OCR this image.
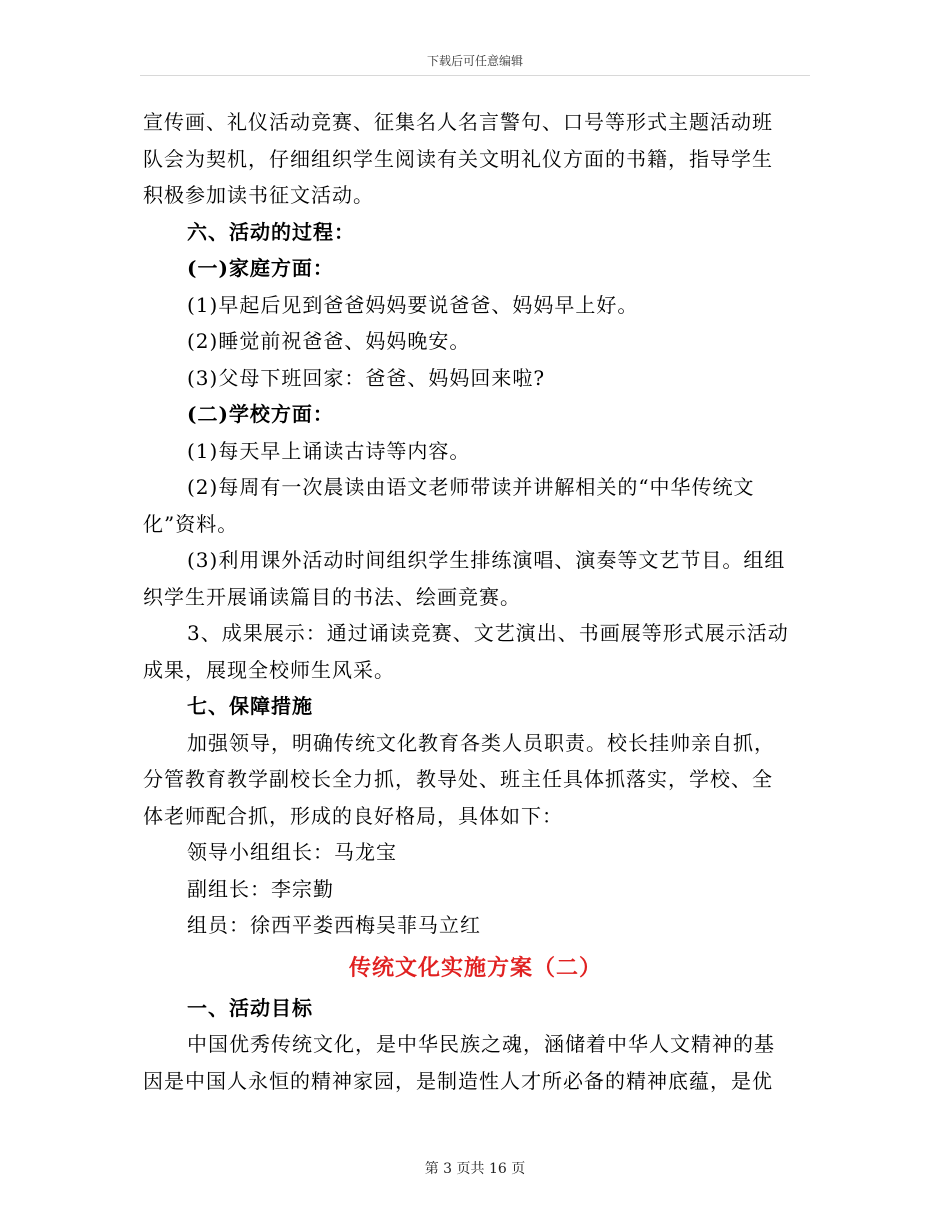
下载后可任意编辑
宣传画、礼仪活动竞赛、征集名人名言警句、口号等形式主题活动班
队会为契机，仔细组织学生阅读有关文明礼仪方面的书籍，指导学生
积极参加读书征文活动。
六、活动的过程：
(一)家庭方面：
(1)早起后见到爸爸妈妈要说爸爸、妈妈早上好。
(2)睡觉前祝爸爸、妈妈晚安。
(3)父母下班回家：爸爸、妈妈回来啦?
(二)学校方面：
(1)每天早上诵读古诗等内容。
(2)每周有一次晨读由语文老师带读并讲解相关的“中华传统文
化”资料。
(3)利用课外活动时间组织学生排练演唱、演奏等文艺节目。组组
织学生开展诵读篇目的书法、绘画竞赛。
3、成果展示：通过诵读竞赛、文艺演出、书画展等形式展示活动
成果，展现全校师生风采。
七、保障措施
加强领导，明确传统文化教育各类人员职责。校长挂帅亲自抓，
分管教育教学副校长全力抓，教导处、班主任具体抓落实，学校、全
体老师配合抓，形成的良好格局，具体如下：
领导小组组长：马龙宝
副组长：李宗勤
组员：徐西平娄西梅吴菲马立红
传统文化实施方案（二）
一、活动目标
中国优秀传统文化，是中华民族之魂，涵储着中华人文精神的基
因是中国人永恒的精神家园，是制造性人才所必备的精神底蕴，是优
第 3 页共 16 页
